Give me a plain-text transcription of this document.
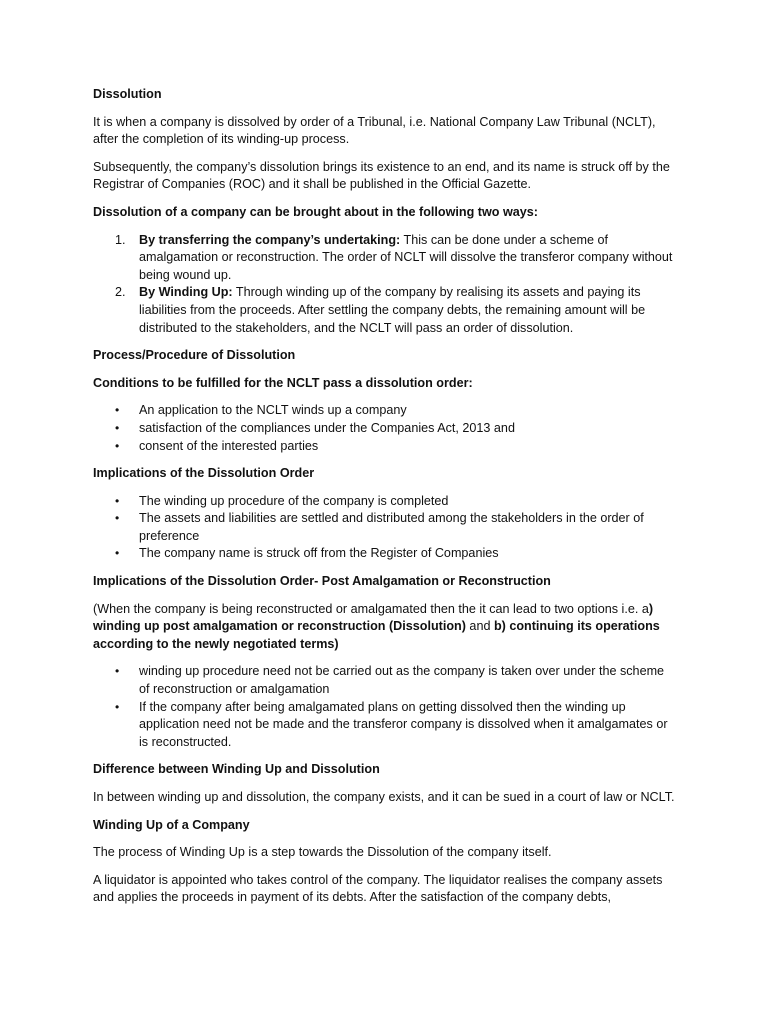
Dissolution

It is when a company is dissolved by order of a Tribunal, i.e. National Company Law Tribunal (NCLT), after the completion of its winding-up process.

Subsequently, the company’s dissolution brings its existence to an end, and its name is struck off by the Registrar of Companies (ROC) and it shall be published in the Official Gazette.

Dissolution of a company can be brought about in the following two ways:
1. By transferring the company’s undertaking: This can be done under a scheme of amalgamation or reconstruction. The order of NCLT will dissolve the transferor company without being wound up.
2. By Winding Up: Through winding up of the company by realising its assets and paying its liabilities from the proceeds. After settling the company debts, the remaining amount will be distributed to the stakeholders, and the NCLT will pass an order of dissolution.
Process/Procedure of Dissolution
Conditions to be fulfilled for the NCLT pass a dissolution order:
• An application to the NCLT winds up a company
• satisfaction of the compliances under the Companies Act, 2013 and
• consent of the interested parties
Implications of the Dissolution Order
• The winding up procedure of the company is completed
• The assets and liabilities are settled and distributed among the stakeholders in the order of preference
• The company name is struck off from the Register of Companies
Implications of the Dissolution Order- Post Amalgamation or Reconstruction

(When the company is being reconstructed or amalgamated then the it can lead to two options i.e. a) winding up post amalgamation or reconstruction (Dissolution) and b) continuing its operations according to the newly negotiated terms)

• winding up procedure need not be carried out as the company is taken over under the scheme of reconstruction or amalgamation
• If the company after being amalgamated plans on getting dissolved then the winding up application need not be made and the transferor company is dissolved when it amalgamates or is reconstructed.
Difference between Winding Up and Dissolution

In between winding up and dissolution, the company exists, and it can be sued in a court of law or NCLT.

Winding Up of a Company

The process of Winding Up is a step towards the Dissolution of the company itself.

A liquidator is appointed who takes control of the company. The liquidator realises the company assets and applies the proceeds in payment of its debts. After the satisfaction of the company debts,
